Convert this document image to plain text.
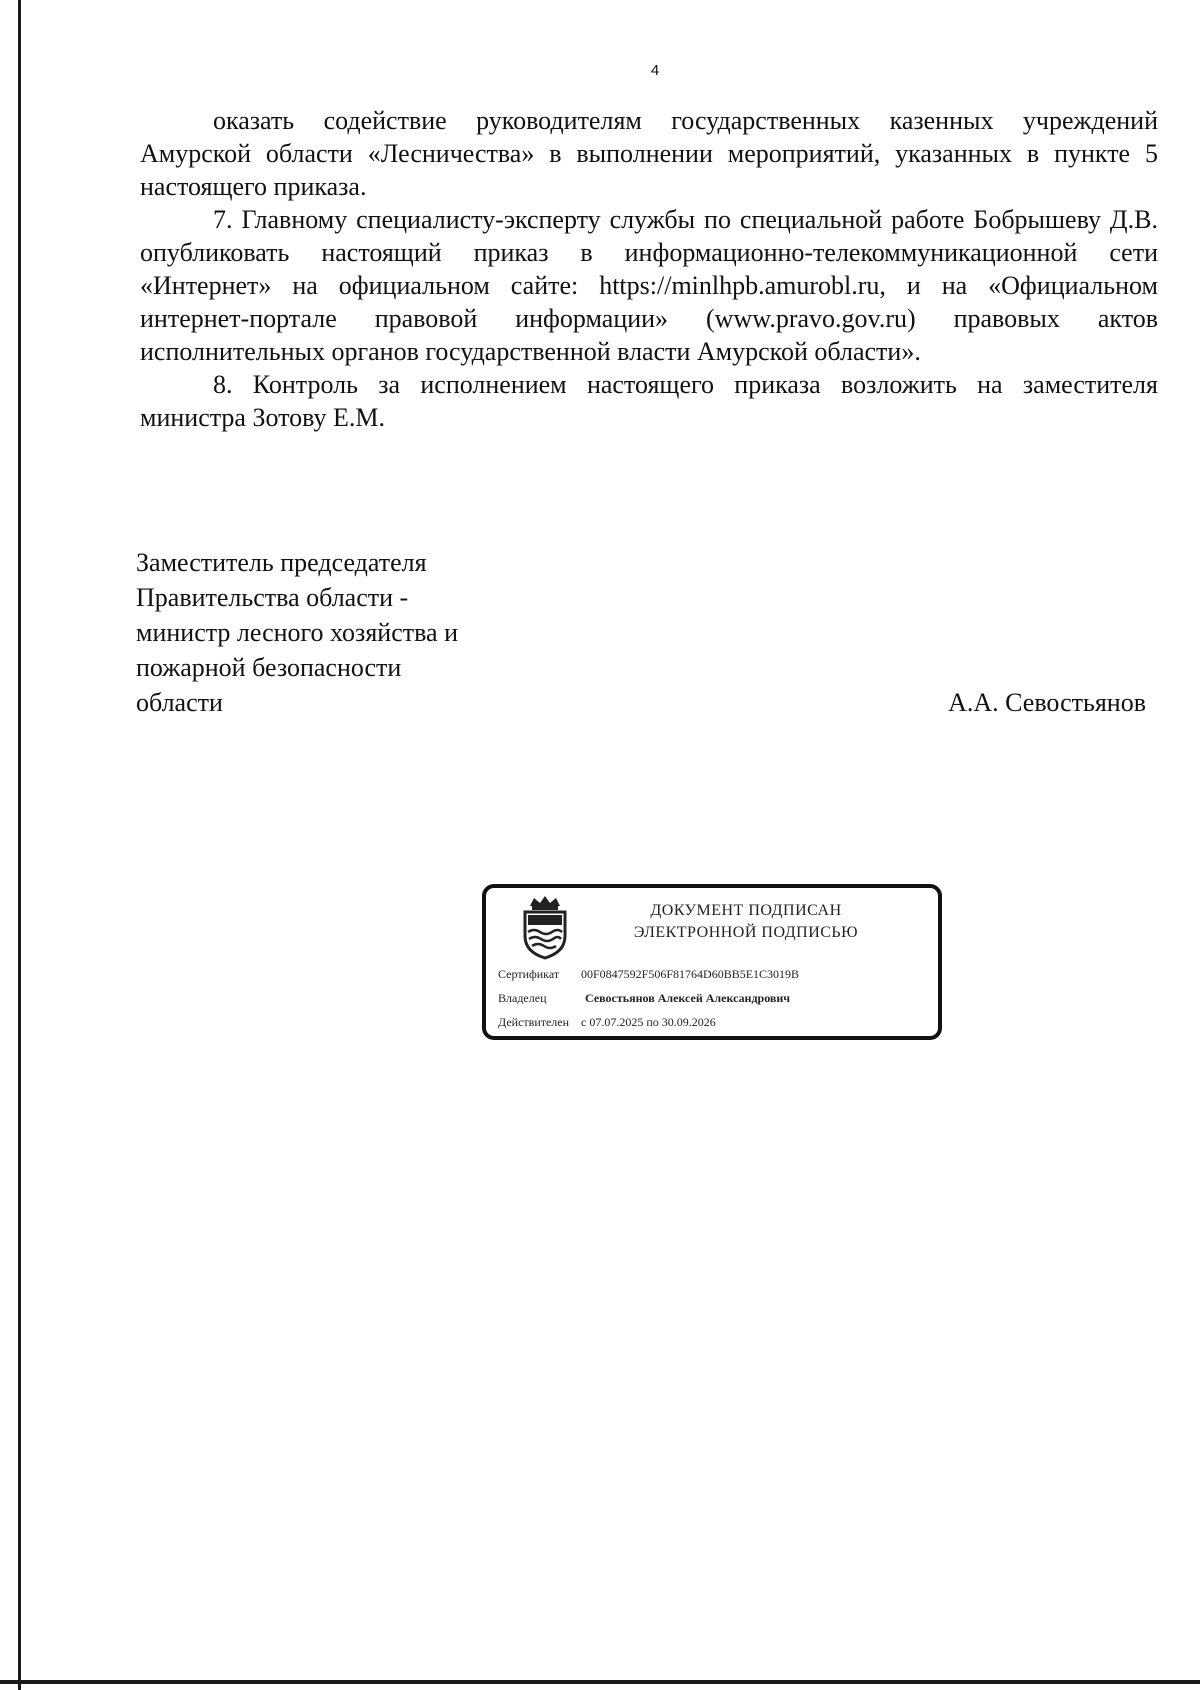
4

оказать содействие руководителям государственных казенных учреждений Амурской области «Лесничества» в выполнении мероприятий, указанных в пункте 5 настоящего приказа.

7. Главному специалисту-эксперту службы по специальной работе Бобрышеву Д.В. опубликовать настоящий приказ в информационно-телекоммуникационной сети «Интернет» на официальном сайте: https://minlhpb.amurobl.ru, и на «Официальном интернет-портале правовой информации» (www.pravo.gov.ru) правовых актов исполнительных органов государственной власти Амурской области».

8. Контроль за исполнением настоящего приказа возложить на заместителя министра Зотову Е.М.

Заместитель председателя
Правительства области -
министр лесного хозяйства и
пожарной безопасности
области	А.А. Севостьянов
ДОКУМЕНТ ПОДПИСАН
ЭЛЕКТРОННОЙ ПОДПИСЬЮ
Сертификат 00F0847592F506F81764D60BB5E1C3019B
Владелец	Севостьянов Алексей Александрович
Действителен с 07.07.2025 по 30.09.2026
